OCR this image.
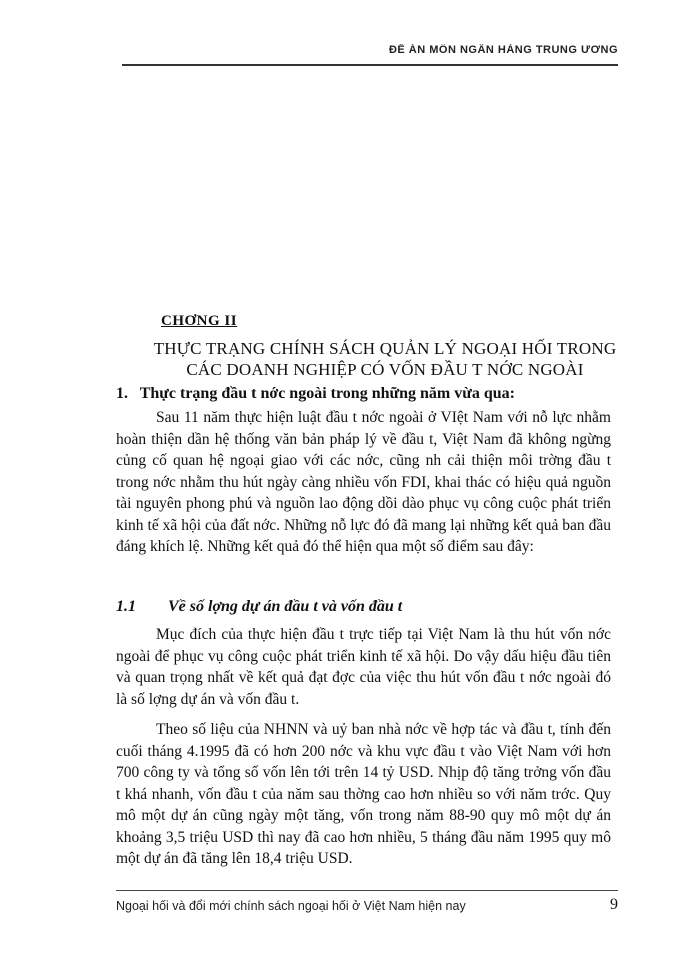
ĐỀ ÁN MÔN NGÂN HÀNG TRUNG ƯƠNG
CHƠNG II
THỰC TRẠNG CHÍNH SÁCH QUẢN LÝ NGOẠI HỐI TRONG
CÁC DOANH NGHIỆP CÓ VỐN ĐẦU T NỚC NGOÀI
1. Thực trạng đầu t nớc ngoài trong những năm vừa qua:

Sau 11 năm thực hiện luật đầu t nớc ngoài ở VIệt Nam với nỗ lực nhằm hoàn thiện dần hệ thống văn bản pháp lý về đầu t, Việt Nam đã không ngừng củng cố quan hệ ngoại giao với các nớc, cũng nh cải thiện môi trờng đầu t trong nớc nhằm thu hút ngày càng nhiều vốn FDI, khai thác có hiệu quả nguồn tài nguyên phong phú và nguồn lao động dồi dào phục vụ công cuộc phát triển kinh tế xã hội của đất nớc. Những nỗ lực đó đã mang lại những kết quả ban đầu đáng khích lệ. Những kết quả đó thể hiện qua một số điểm sau đây:

1.1 Về số lợng dự án đầu t và vốn đầu t

Mục đích của thực hiện đầu t trực tiếp tại Việt Nam là thu hút vốn nớc ngoài để phục vụ công cuộc phát triển kinh tế xã hội. Do vậy dấu hiệu đầu tiên và quan trọng nhất về kết quả đạt đợc của việc thu hút vốn đầu t nớc ngoài đó là số lợng dự án và vốn đầu t.

Theo số liệu của NHNN và uỷ ban nhà nớc về hợp tác và đầu t, tính đến cuối tháng 4.1995 đã có hơn 200 nớc và khu vực đầu t vào Việt Nam với hơn 700 công ty và tổng số vốn lên tới trên 14 tỷ USD. Nhịp độ tăng trởng vốn đầu t khá nhanh, vốn đầu t của năm sau thờng cao hơn nhiều so với năm trớc. Quy mô một dự án cũng ngày một tăng, vốn trong năm 88-90 quy mô một dự án khoảng 3,5 triệu USD thì nay đã cao hơn nhiều, 5 tháng đầu năm 1995 quy mô một dự án đã tăng lên 18,4 triệu USD.

Ngoại hối và đổi mới chính sách ngoại hối ở Việt Nam hiện nay	9
